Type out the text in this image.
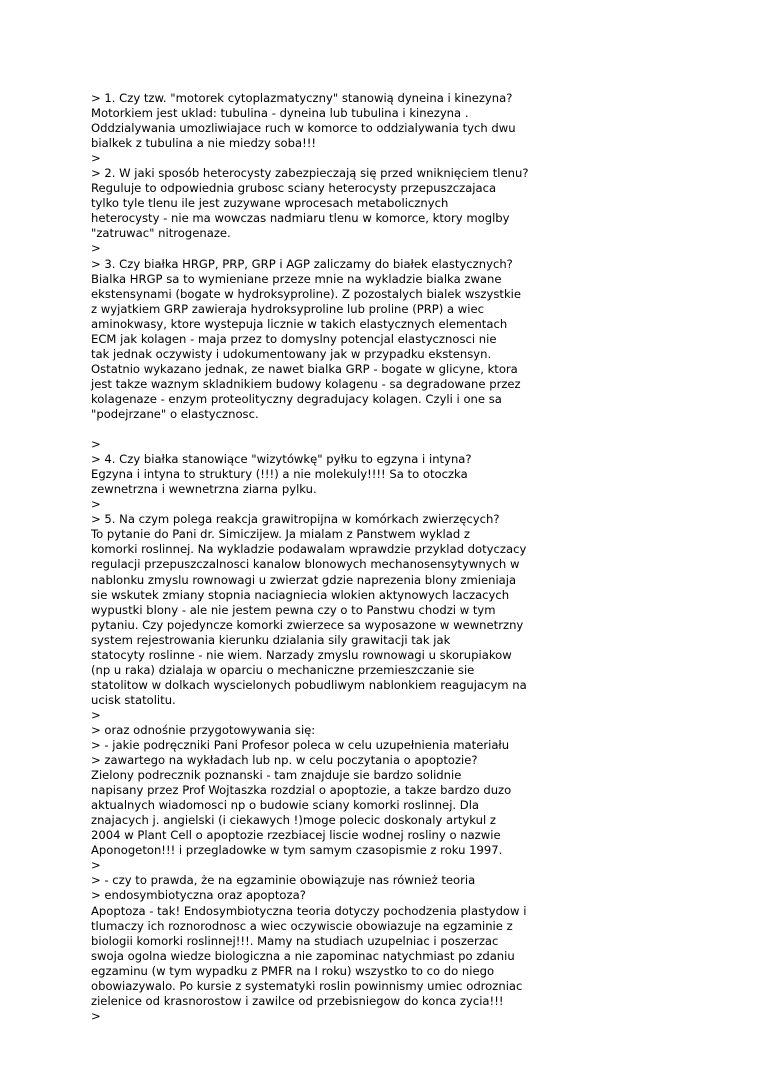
> 1. Czy tzw. "motorek cytoplazmatyczny" stanowią dyneina i kinezyna?
Motorkiem jest uklad: tubulina - dyneina lub tubulina i kinezyna .
Oddzialywania umozliwiajace ruch w komorce to oddzialywania tych dwu
bialkek z tubulina a nie miedzy soba!!!
>
> 2. W jaki sposób heterocysty zabezpieczają się przed wniknięciem tlenu?
Reguluje to odpowiednia grubosc sciany heterocysty przepuszczajaca
tylko tyle tlenu ile jest zuzywane wprocesach metabolicznych
heterocysty - nie ma wowczas nadmiaru tlenu w komorce, ktory moglby
"zatruwac" nitrogenaze.
>
> 3. Czy białka HRGP, PRP, GRP i AGP zaliczamy do białek elastycznych?
Bialka HRGP sa to wymieniane przeze mnie na wykladzie bialka zwane
ekstensynami (bogate w hydroksyproline). Z pozostalych bialek wszystkie
z wyjatkiem GRP zawieraja hydroksyproline lub proline (PRP) a wiec
aminokwasy, ktore wystepuja licznie w takich elastycznych elementach
ECM jak kolagen - maja przez to domyslny potencjal elastycznosci nie
tak jednak oczywisty i udokumentowany jak w przypadku ekstensyn.
Ostatnio wykazano jednak, ze nawet bialka GRP - bogate w glicyne, ktora
jest takze waznym skladnikiem budowy kolagenu - sa degradowane przez
kolagenaze - enzym proteolityczny degradujacy kolagen. Czyli i one sa
"podejrzane" o elastycznosc.
>
> 4. Czy białka stanowiące "wizytówkę" pyłku to egzyna i intyna?
Egzyna i intyna to struktury (!!!) a nie molekuly!!!! Sa to otoczka
zewnetrzna i wewnetrzna ziarna pylku.
>
> 5. Na czym polega reakcja grawitropijna w komórkach zwierzęcych?
To pytanie do Pani dr. Simiczijew. Ja mialam z Panstwem wyklad z
komorki roslinnej. Na wykladzie podawalam wprawdzie przyklad dotyczacy
regulacji przepuszczalnosci kanalow blonowych mechanosensytywnych w
nablonku zmyslu rownowagi u zwierzat gdzie naprezenia blony zmieniaja
sie wskutek zmiany stopnia naciagniecia wlokien aktynowych laczacych
wypustki blony - ale nie jestem pewna czy o to Panstwu chodzi w tym
pytaniu. Czy pojedyncze komorki zwierzece sa wyposazone w wewnetrzny
system rejestrowania kierunku dzialania sily grawitacji tak jak
statocyty roslinne - nie wiem. Narzady zmyslu rownowagi u skorupiakow
(np u raka) dzialaja w oparciu o mechaniczne przemieszczanie sie
statolitow w dolkach wyscielonych pobudliwym nablonkiem reagujacym na
ucisk statolitu.
>
> oraz odnośnie przygotowywania się:
> - jakie podręczniki Pani Profesor poleca w celu uzupełnienia materiału
> zawartego na wykładach lub np. w celu poczytania o apoptozie?
Zielony podrecznik poznanski - tam znajduje sie bardzo solidnie
napisany przez Prof Wojtaszka rozdzial o apoptozie, a takze bardzo duzo
aktualnych wiadomosci np o budowie sciany komorki roslinnej. Dla
znajacych j. angielski (i ciekawych !)moge polecic doskonaly artykul z
2004 w Plant Cell o apoptozie rzezbiacej liscie wodnej rosliny o nazwie
Aponogeton!!! i przegladowke w tym samym czasopismie z roku 1997.
>
> - czy to prawda, że na egzaminie obowiązuje nas również teoria
> endosymbiotyczna oraz apoptoza?
Apoptoza - tak! Endosymbiotyczna teoria dotyczy pochodzenia plastydow i
tlumaczy ich roznorodnosc a wiec oczywiscie obowiazuje na egzaminie z
biologii komorki roslinnej!!!. Mamy na studiach uzupelniac i poszerzac
swoja ogolna wiedze biologiczna a nie zapominac natychmiast po zdaniu
egzaminu (w tym wypadku z PMFR na I roku) wszystko to co do niego
obowiazywalo. Po kursie z systematyki roslin powinnismy umiec odrozniac
zielenice od krasnorostow i zawilce od przebisniegow do konca zycia!!!
>
